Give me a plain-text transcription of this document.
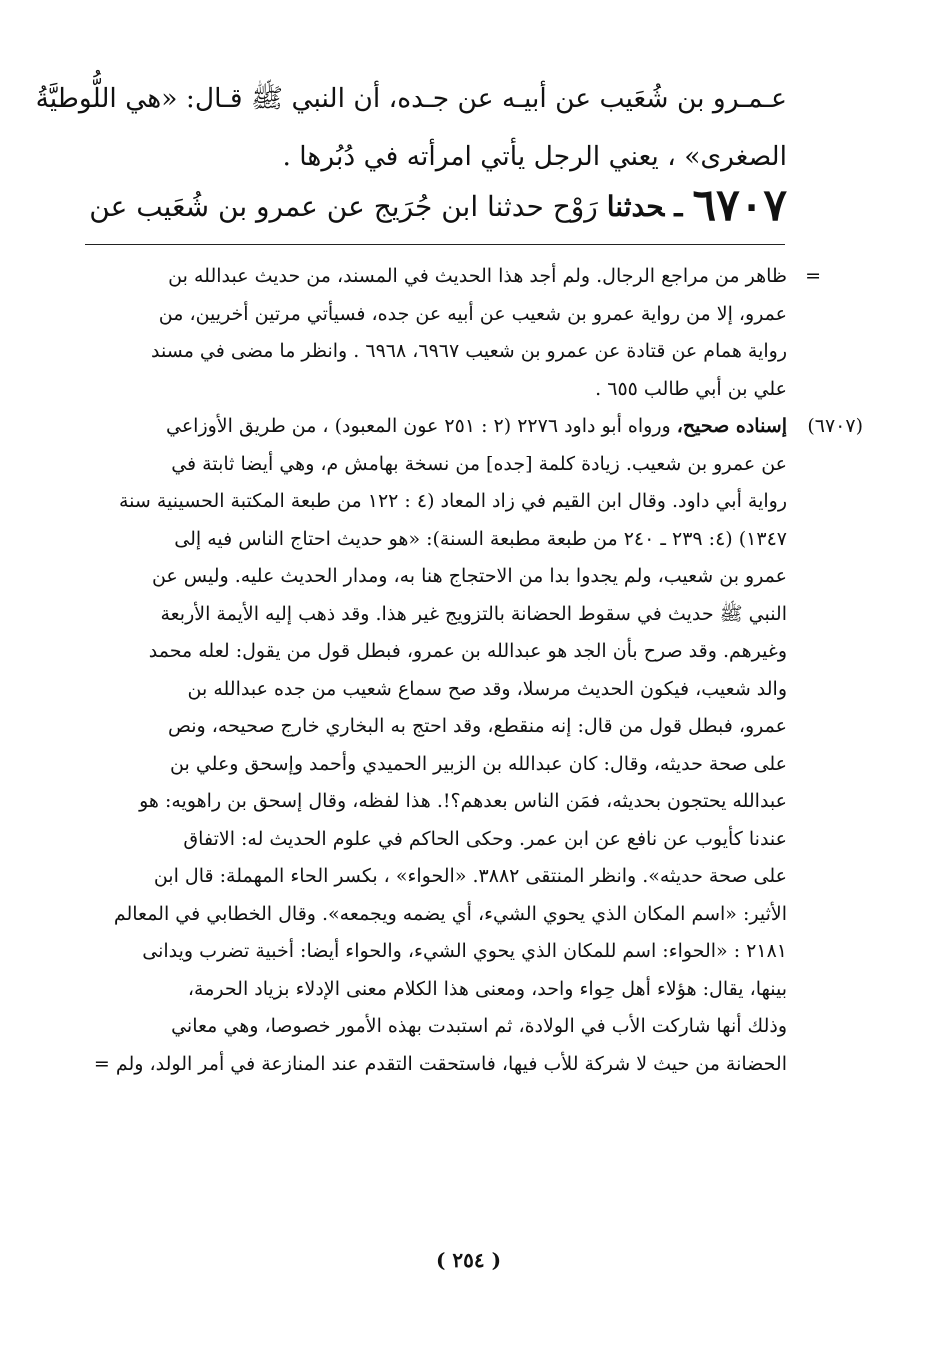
عـمـرو بن شُعَيب عن أبيـه عن جـده، أن النبي ﷺ قـال: «هي اللُّوطيَّةُ
الصغرى» ، يعني الرجل يأتي امرأته في دُبُرها .
٦٧٠٧ـحدثنا رَوْح حدثنا ابن جُرَيج عن عمرو بن شُعَيب عن
=
ظاهر من مراجع الرجال. ولم أجد هذا الحديث في المسند، من حديث عبدالله بن
عمرو، إلا من رواية عمرو بن شعيب عن أبيه عن جده، فسيأتي مرتين أخريين، من
رواية همام عن قتادة عن عمرو بن شعيب ٦٩٦٧، ٦٩٦٨ . وانظر ما مضى في مسند
علي بن أبي طالب ٦٥٥ .
(٦٧٠٧)
إسناده صحيح، ورواه أبو داود ٢٢٧٦ (٢ : ٢٥١ عون المعبود) ، من طريق الأوزاعي
عن عمرو بن شعيب. زيادة كلمة [جده] من نسخة بهامش م، وهي أيضا ثابتة في
رواية أبي داود. وقال ابن القيم في زاد المعاد (٤ : ١٢٢ من طبعة المكتبة الحسينية سنة
١٣٤٧) (٤: ٢٣٩ ـ ٢٤٠ من طبعة مطبعة السنة): «هو حديث احتاج الناس فيه إلى
عمرو بن شعيب، ولم يجدوا بدا من الاحتجاج هنا به، ومدار الحديث عليه. وليس عن
النبي ﷺ حديث في سقوط الحضانة بالتزويج غير هذا. وقد ذهب إليه الأيمة الأربعة
وغيرهم. وقد صرح بأن الجد هو عبدالله بن عمرو، فبطل قول من يقول: لعله محمد
والد شعيب، فيكون الحديث مرسلا، وقد صح سماع شعيب من جده عبدالله بن
عمرو، فبطل قول من قال: إنه منقطع، وقد احتج به البخاري خارج صحيحه، ونص
على صحة حديثه، وقال: كان عبدالله بن الزبير الحميدي وأحمد وإسحق وعلي بن
عبدالله يحتجون بحديثه، فمَن الناس بعدهم؟!. هذا لفظه، وقال إسحق بن راهويه: هو
عندنا كأيوب عن نافع عن ابن عمر. وحكى الحاكم في علوم الحديث له: الاتفاق
على صحة حديثه». وانظر المنتقى ٣٨٨٢. «الحواء» ، بكسر الحاء المهملة: قال ابن
الأثير: «اسم المكان الذي يحوي الشيء، أي يضمه ويجمعه». وقال الخطابي في المعالم
٢١٨١ : «الحواء: اسم للمكان الذي يحوي الشيء، والحواء أيضا: أخبية تضرب ويدانى
بينها، يقال: هؤلاء أهل حِواء واحد، ومعنى هذا الكلام معنى الإدلاء بزياد الحرمة،
وذلك أنها شاركت الأب في الولادة، ثم استبدت بهذه الأمور خصوصا، وهي معاني
الحضانة من حيث لا شركة للأب فيها، فاستحقت التقدم عند المنازعة في أمر الولد، ولم =
( ٢٥٤ )
